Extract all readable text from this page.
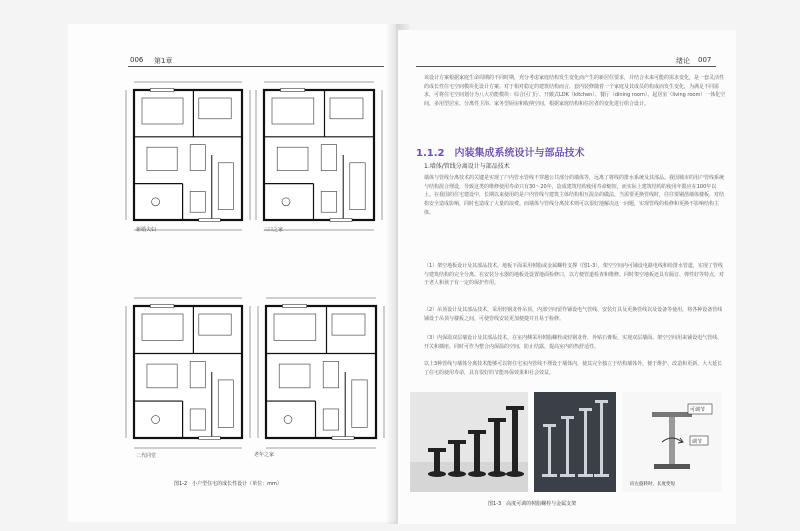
006 第1章
新婚夫妇	三口之家
二代同堂	老年之家
图1-2　小户型住宅的成长性设计（单位：mm）
绪论 007
该设计方案根据家庭生命周期的不同时期，充分考虑家庭结构发生变化而产生的新居住要求，并结合未来可能的需求变化，是一套灵活性的成长性住宅空间模块化设计方案。对于相对稳定的建筑结构而言，套内装修随着一个家庭及其成员的构成而发生变化，为满足不同需求，可将住宅空间划分为八大功能模块：综合区门厅、开敞式LDK（kitchen）、餐厅（dining room）、起居室（living room）一体化空间，多用型居室、分离性卫浴、家务型厨房和收纳空间，根据家庭结构和住居者的变化进行组合设计。
1.1.2　内装集成系统设计与部品技术
1.墙体/管线分离设计与部品技术
墙体与管线分离技术的关键是实现了户内管水管线不穿越公共部分的墙体等，远离了将线的排水系统及其部品。我国城市的用户管线系统与结构混合埋设，导致这类的维修使用寿命只有30～20年，造成建筑结构使用寿命缩短，而实际上建筑结构的使用年限应在100年以上。在我国的住宅建设中，长期以来使用的是户内管线与建筑主体结构相互混杂的做法，当需要更换管线时，往往要剔凿墙体楼板，对结构安全造成影响，同时也造成了大量的浪费。而墙体与管线分离技术则可以很好地解决这一问题，实现管线的检修和更换不影响结构主体。
（1）架空地板设计及其部品技术，地板下面采用树脂或金属螺栓支撑（图1-3），架空空间内可铺设电路电线和给排水管道，实现了管线与建筑结构的完全分离。在安装分水器的地板处设置地面检修口，以方便管道检查和维修。同时架空地板还具有隔音、弹性好等特点，对于老人和孩子有一定的保护作用。
（2）吊顶设计及其部品技术，采用轻钢龙骨吊顶，内部空间留作铺设电气管线、安装灯具及更换管线以及设备等使用，将各种设备管线铺设于吊顶与楼板之间，可使管线安装更加便捷并且易于检修。
（3）内保温双层墙设计及其部品技术，在室内侧采用树脂螺栓或轻钢龙骨，外贴石膏板，实现双层墙面。架空空间用来铺设电气管线、开关和插座，同时可作为整合内保温的空间，防止结露，提高室内的热舒适性。
以上3种管线与墙体分离技术能够可以将住宅室内管线不埋设于墙体内，使其完全独立于结构墙体外，便于维护、改造和更新，大大延长了住宅的使用寿命，具有很好的节能环保效果和社会效益。
可调节
调节
向左旋转时，长度变短
图1-3　高度可调的树脂螺栓与金属支架
